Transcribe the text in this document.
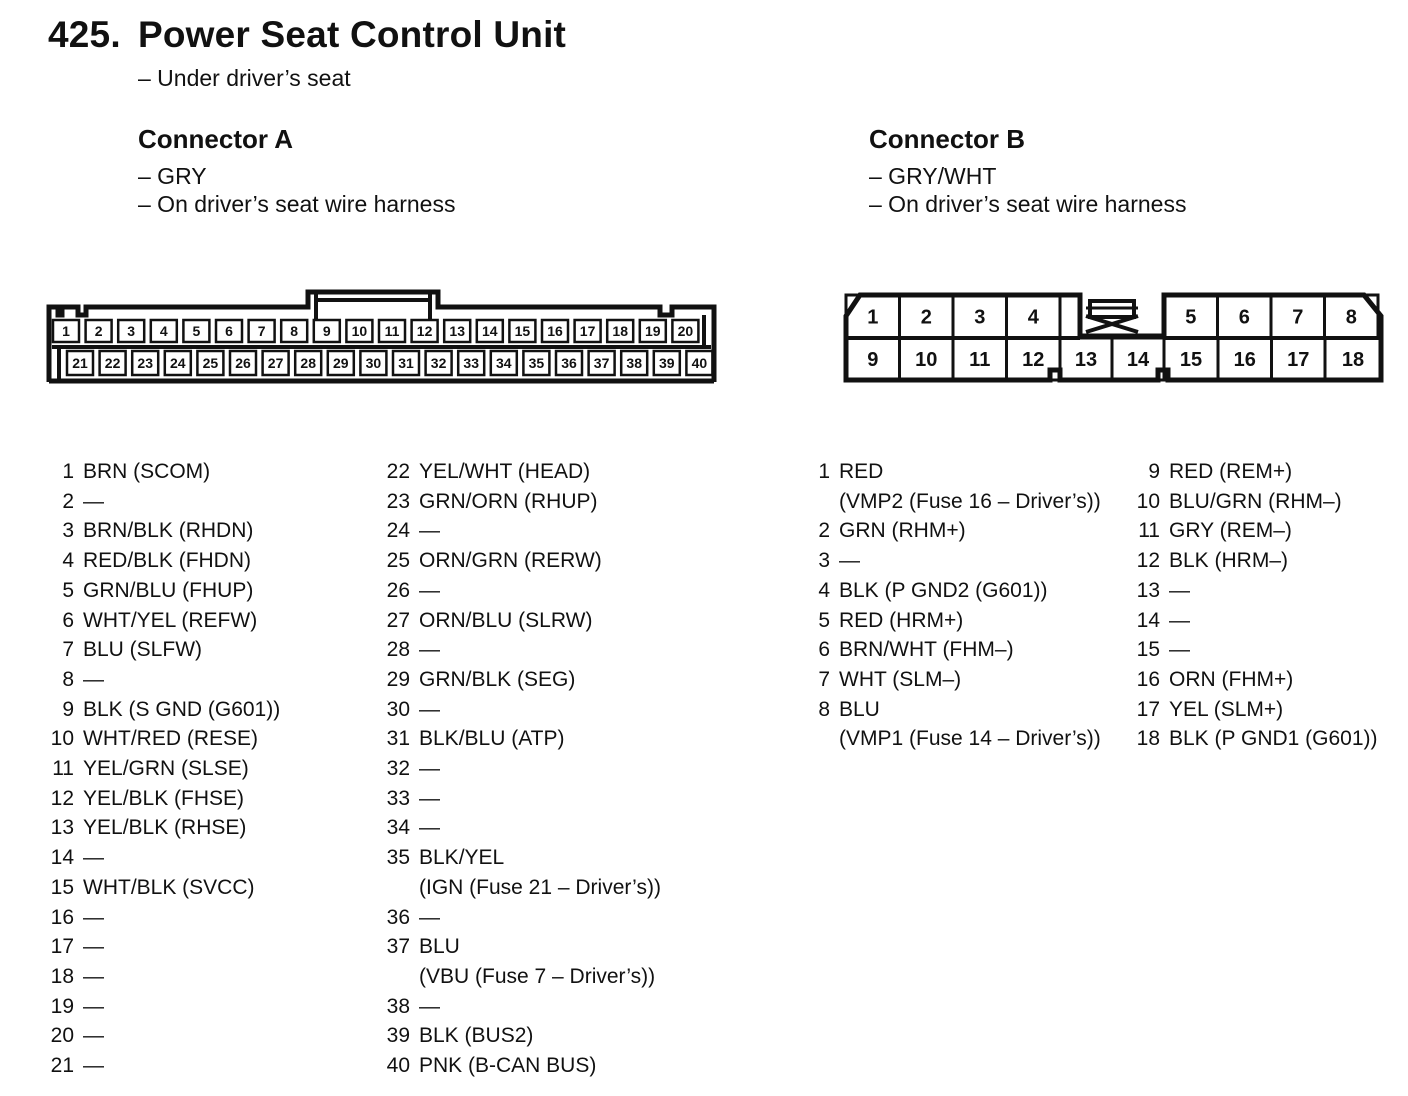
425. Power Seat Control Unit
– Under driver’s seat
Connector A
– GRY
– On driver’s seat wire harness
Connector B
– GRY/WHT
– On driver’s seat wire harness
1 2 3 4 5 6 7 8 9 10 11 12 13 14 15 16 17 18 19 20
21 22 23 24 25 26 27 28 29 30 31 32 33 34 35 36 37 38 39 40
1 2 3 4	5 6 7 8
9 10 11 12 13 14 15 16 17 18
1 BRN (SCOM)
2 —
3 BRN/BLK (RHDN)
4 RED/BLK (FHDN)
5 GRN/BLU (FHUP)
6 WHT/YEL (REFW)
7 BLU (SLFW)
8 —
9 BLK (S GND (G601))
10 WHT/RED (RESE)
11 YEL/GRN (SLSE)
12 YEL/BLK (FHSE)
13 YEL/BLK (RHSE)
14 —
15 WHT/BLK (SVCC)
16 —
17 —
18 —
19 —
20 —
21 —
22 YEL/WHT (HEAD)
23 GRN/ORN (RHUP)
24 —
25 ORN/GRN (RERW)
26 —
27 ORN/BLU (SLRW)
28 —
29 GRN/BLK (SEG)
30 —
31 BLK/BLU (ATP)
32 —
33 —
34 —
35 BLK/YEL
(IGN (Fuse 21 – Driver’s))
36 —
37 BLU
(VBU (Fuse 7 – Driver’s))
38 —
39 BLK (BUS2)
40 PNK (B-CAN BUS)
1 RED
(VMP2 (Fuse 16 – Driver’s))
2 GRN (RHM+)
3 —
4 BLK (P GND2 (G601))
5 RED (HRM+)
6 BRN/WHT (FHM–)
7 WHT (SLM–)
8 BLU
(VMP1 (Fuse 14 – Driver’s))
9 RED (REM+)
10 BLU/GRN (RHM–)
11 GRY (REM–)
12 BLK (HRM–)
13 —
14 —
15 —
16 ORN (FHM+)
17 YEL (SLM+)
18 BLK (P GND1 (G601))
